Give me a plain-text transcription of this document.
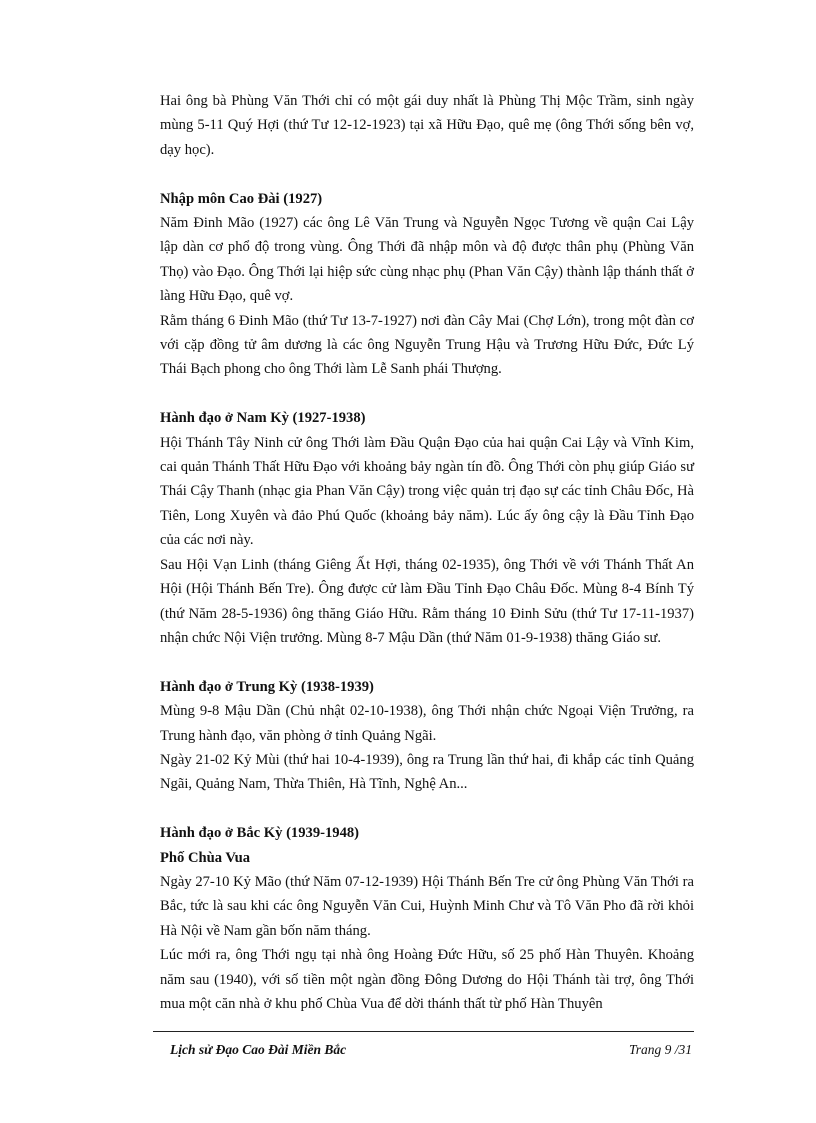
Hai ông bà Phùng Văn Thới chỉ có một gái duy nhất là Phùng Thị Mộc Trầm, sinh ngày mùng 5-11 Quý Hợi (thứ Tư 12-12-1923) tại xã Hữu Đạo, quê mẹ (ông Thới sống bên vợ, dạy học).

Nhập môn Cao Đài (1927)

Năm Đinh Mão (1927) các ông Lê Văn Trung và Nguyễn Ngọc Tương về quận Cai Lậy lập dàn cơ phổ độ trong vùng. Ông Thới đã nhập môn và độ được thân phụ (Phùng Văn Thọ) vào Đạo. Ông Thới lại hiệp sức cùng nhạc phụ (Phan Văn Cậy) thành lập thánh thất ở làng Hữu Đạo, quê vợ.

Rằm tháng 6 Đinh Mão (thứ Tư 13-7-1927) nơi đàn Cây Mai (Chợ Lớn), trong một đàn cơ với cặp đồng tử âm dương là các ông Nguyễn Trung Hậu và Trương Hữu Đức, Đức Lý Thái Bạch phong cho ông Thới làm Lễ Sanh phái Thượng.

Hành đạo ở Nam Kỳ (1927-1938)

Hội Thánh Tây Ninh cử ông Thới làm Đầu Quận Đạo của hai quận Cai Lậy và Vĩnh Kim, cai quản Thánh Thất Hữu Đạo với khoảng bảy ngàn tín đồ. Ông Thới còn phụ giúp Giáo sư Thái Cậy Thanh (nhạc gia Phan Văn Cậy) trong việc quản trị đạo sự các tỉnh Châu Đốc, Hà Tiên, Long Xuyên và đảo Phú Quốc (khoảng bảy năm). Lúc ấy ông cậy là Đầu Tỉnh Đạo của các nơi này.

Sau Hội Vạn Linh (tháng Giêng Ất Hợi, tháng 02-1935), ông Thới về với Thánh Thất An Hội (Hội Thánh Bến Tre). Ông được cử làm Đầu Tỉnh Đạo Châu Đốc. Mùng 8-4 Bính Tý (thứ Năm 28-5-1936) ông thăng Giáo Hữu. Rằm tháng 10 Đinh Sửu (thứ Tư 17-11-1937) nhận chức Nội Viện trưởng. Mùng 8-7 Mậu Dần (thứ Năm 01-9-1938) thăng Giáo sư.

Hành đạo ở Trung Kỳ (1938-1939)

Mùng 9-8 Mậu Dần (Chủ nhật 02-10-1938), ông Thới nhận chức Ngoại Viện Trưởng, ra Trung hành đạo, văn phòng ở tỉnh Quảng Ngãi.

Ngày 21-02 Kỷ Mùi (thứ hai 10-4-1939), ông ra Trung lần thứ hai, đi khắp các tỉnh Quảng Ngãi, Quảng Nam, Thừa Thiên, Hà Tĩnh, Nghệ An...

Hành đạo ở Bắc Kỳ (1939-1948)

Phố Chùa Vua

Ngày 27-10 Kỷ Mão (thứ Năm 07-12-1939) Hội Thánh Bến Tre cử ông Phùng Văn Thới ra Bắc, tức là sau khi các ông Nguyễn Văn Cui, Huỳnh Minh Chư và Tô Văn Pho đã rời khỏi Hà Nội về Nam gần bốn năm tháng.

Lúc mới ra, ông Thới ngụ tại nhà ông Hoàng Đức Hữu, số 25 phố Hàn Thuyên. Khoảng năm sau (1940), với số tiền một ngàn đồng Đông Dương do Hội Thánh tài trợ, ông Thới mua một căn nhà ở khu phố Chùa Vua để dời thánh thất từ phố Hàn Thuyên

Lịch sử Đạo Cao Đài Miền Bắc	Trang 9 /31
